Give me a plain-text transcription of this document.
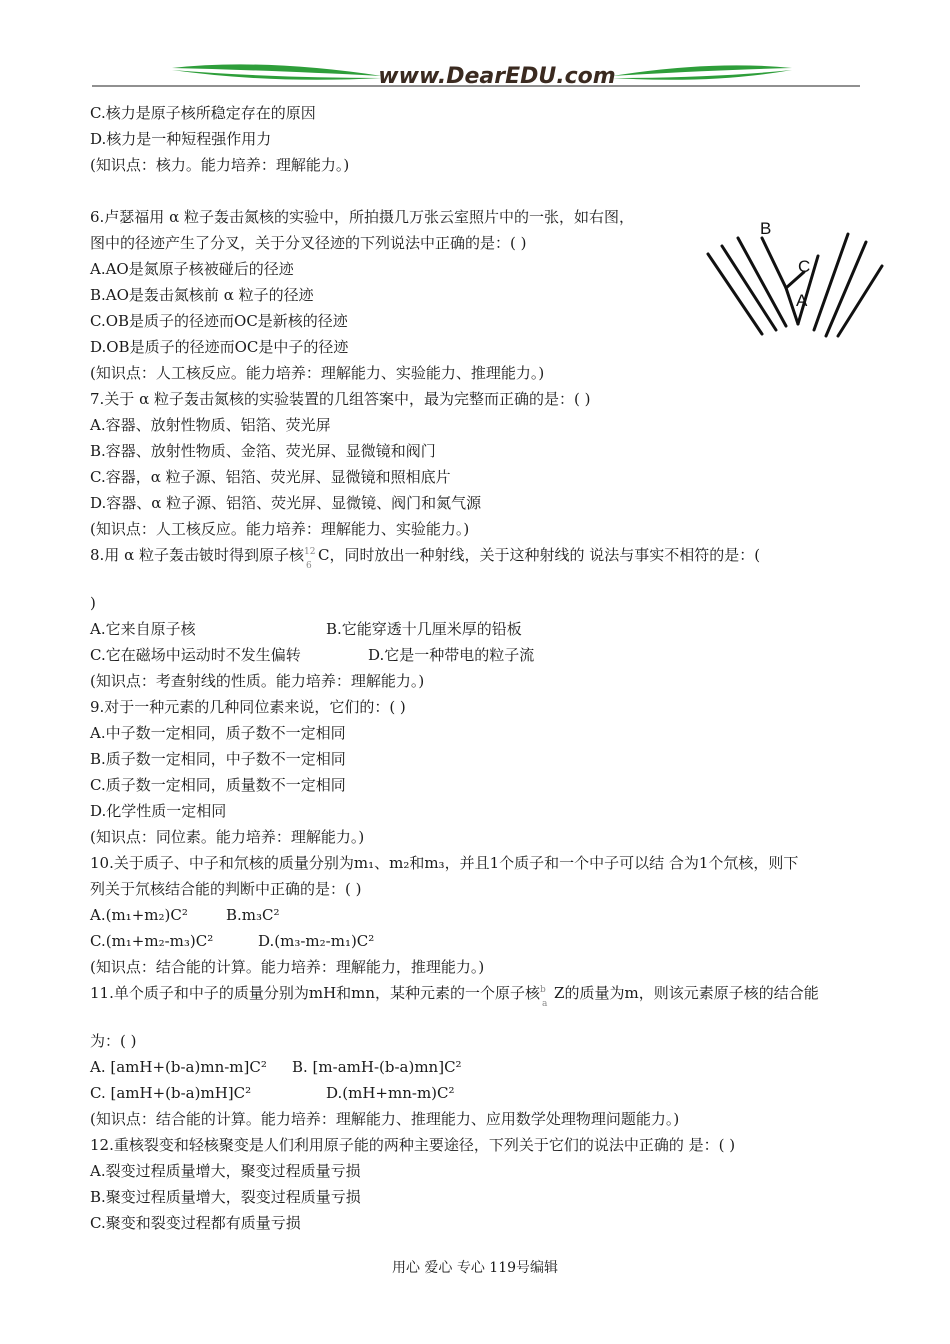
www.DearEDU.com
C.核力是原子核所稳定存在的原因
D.核力是一种短程强作用力
(知识点：核力。能力培养：理解能力。)
6.卢瑟福用 α 粒子轰击氮核的实验中，所拍摄几万张云室照片中的一张，如右图，
图中的径迹产生了分叉，关于分叉径迹的下列说法中正确的是：( )
A.AO是氮原子核被碰后的径迹
B.AO是轰击氮核前 α 粒子的径迹
C.OB是质子的径迹而OC是新核的径迹
D.OB是质子的径迹而OC是中子的径迹
(知识点：人工核反应。能力培养：理解能力、实验能力、推理能力。)
7.关于 α 粒子轰击氮核的实验装置的几组答案中，最为完整而正确的是：( )
A.容器、放射性物质、铝箔、荧光屏
B.容器、放射性物质、金箔、荧光屏、显微镜和阀门
C.容器，α 粒子源、铝箔、荧光屏、显微镜和照相底片
D.容器、α 粒子源、铝箔、荧光屏、显微镜、阀门和氮气源
(知识点：人工核反应。能力培养：理解能力、实验能力。)
8.用 α 粒子轰击铍时得到原子核 12
6
C，同时放出一种射线，关于这种射线的 说法与事实不相符的是：(
)
A.它来自原子核	B.它能穿透十几厘米厚的铅板
C.它在磁场中运动时不发生偏转	D.它是一种带电的粒子流
(知识点：考查射线的性质。能力培养：理解能力。)
9.对于一种元素的几种同位素来说，它们的：( )
A.中子数一定相同，质子数不一定相同
B.质子数一定相同，中子数不一定相同
C.质子数一定相同，质量数不一定相同
D.化学性质一定相同
(知识点：同位素。能力培养：理解能力。)
10.关于质子、中子和氘核的质量分别为m₁、m₂和m₃，并且1个质子和一个中子可以结 合为1个氘核，则下
列关于氘核结合能的判断中正确的是：( )
A.(m₁+m₂)C²	B.m₃C²
C.(m₁+m₂-m₃)C²	D.(m₃-m₂-m₁)C²
(知识点：结合能的计算。能力培养：理解能力，推理能力。)
11.单个质子和中子的质量分别为mH和mn，某种元素的一个原子核 b
a
Z的质量为m，则该元素原子核的结合能
为：( )
A. [amH+(b-a)mn-m]C²	B. [m-amH-(b-a)mn]C²
C. [amH+(b-a)mH]C²	D.(mH+mn-m)C²
(知识点：结合能的计算。能力培养：理解能力、推理能力、应用数学处理物理问题能力。)
12.重核裂变和轻核聚变是人们利用原子能的两种主要途径，下列关于它们的说法中正确的 是：( )
A.裂变过程质量增大，聚变过程质量亏损
B.聚变过程质量增大，裂变过程质量亏损
C.聚变和裂变过程都有质量亏损
B
C
A
用心 爱心 专心 119号编辑
